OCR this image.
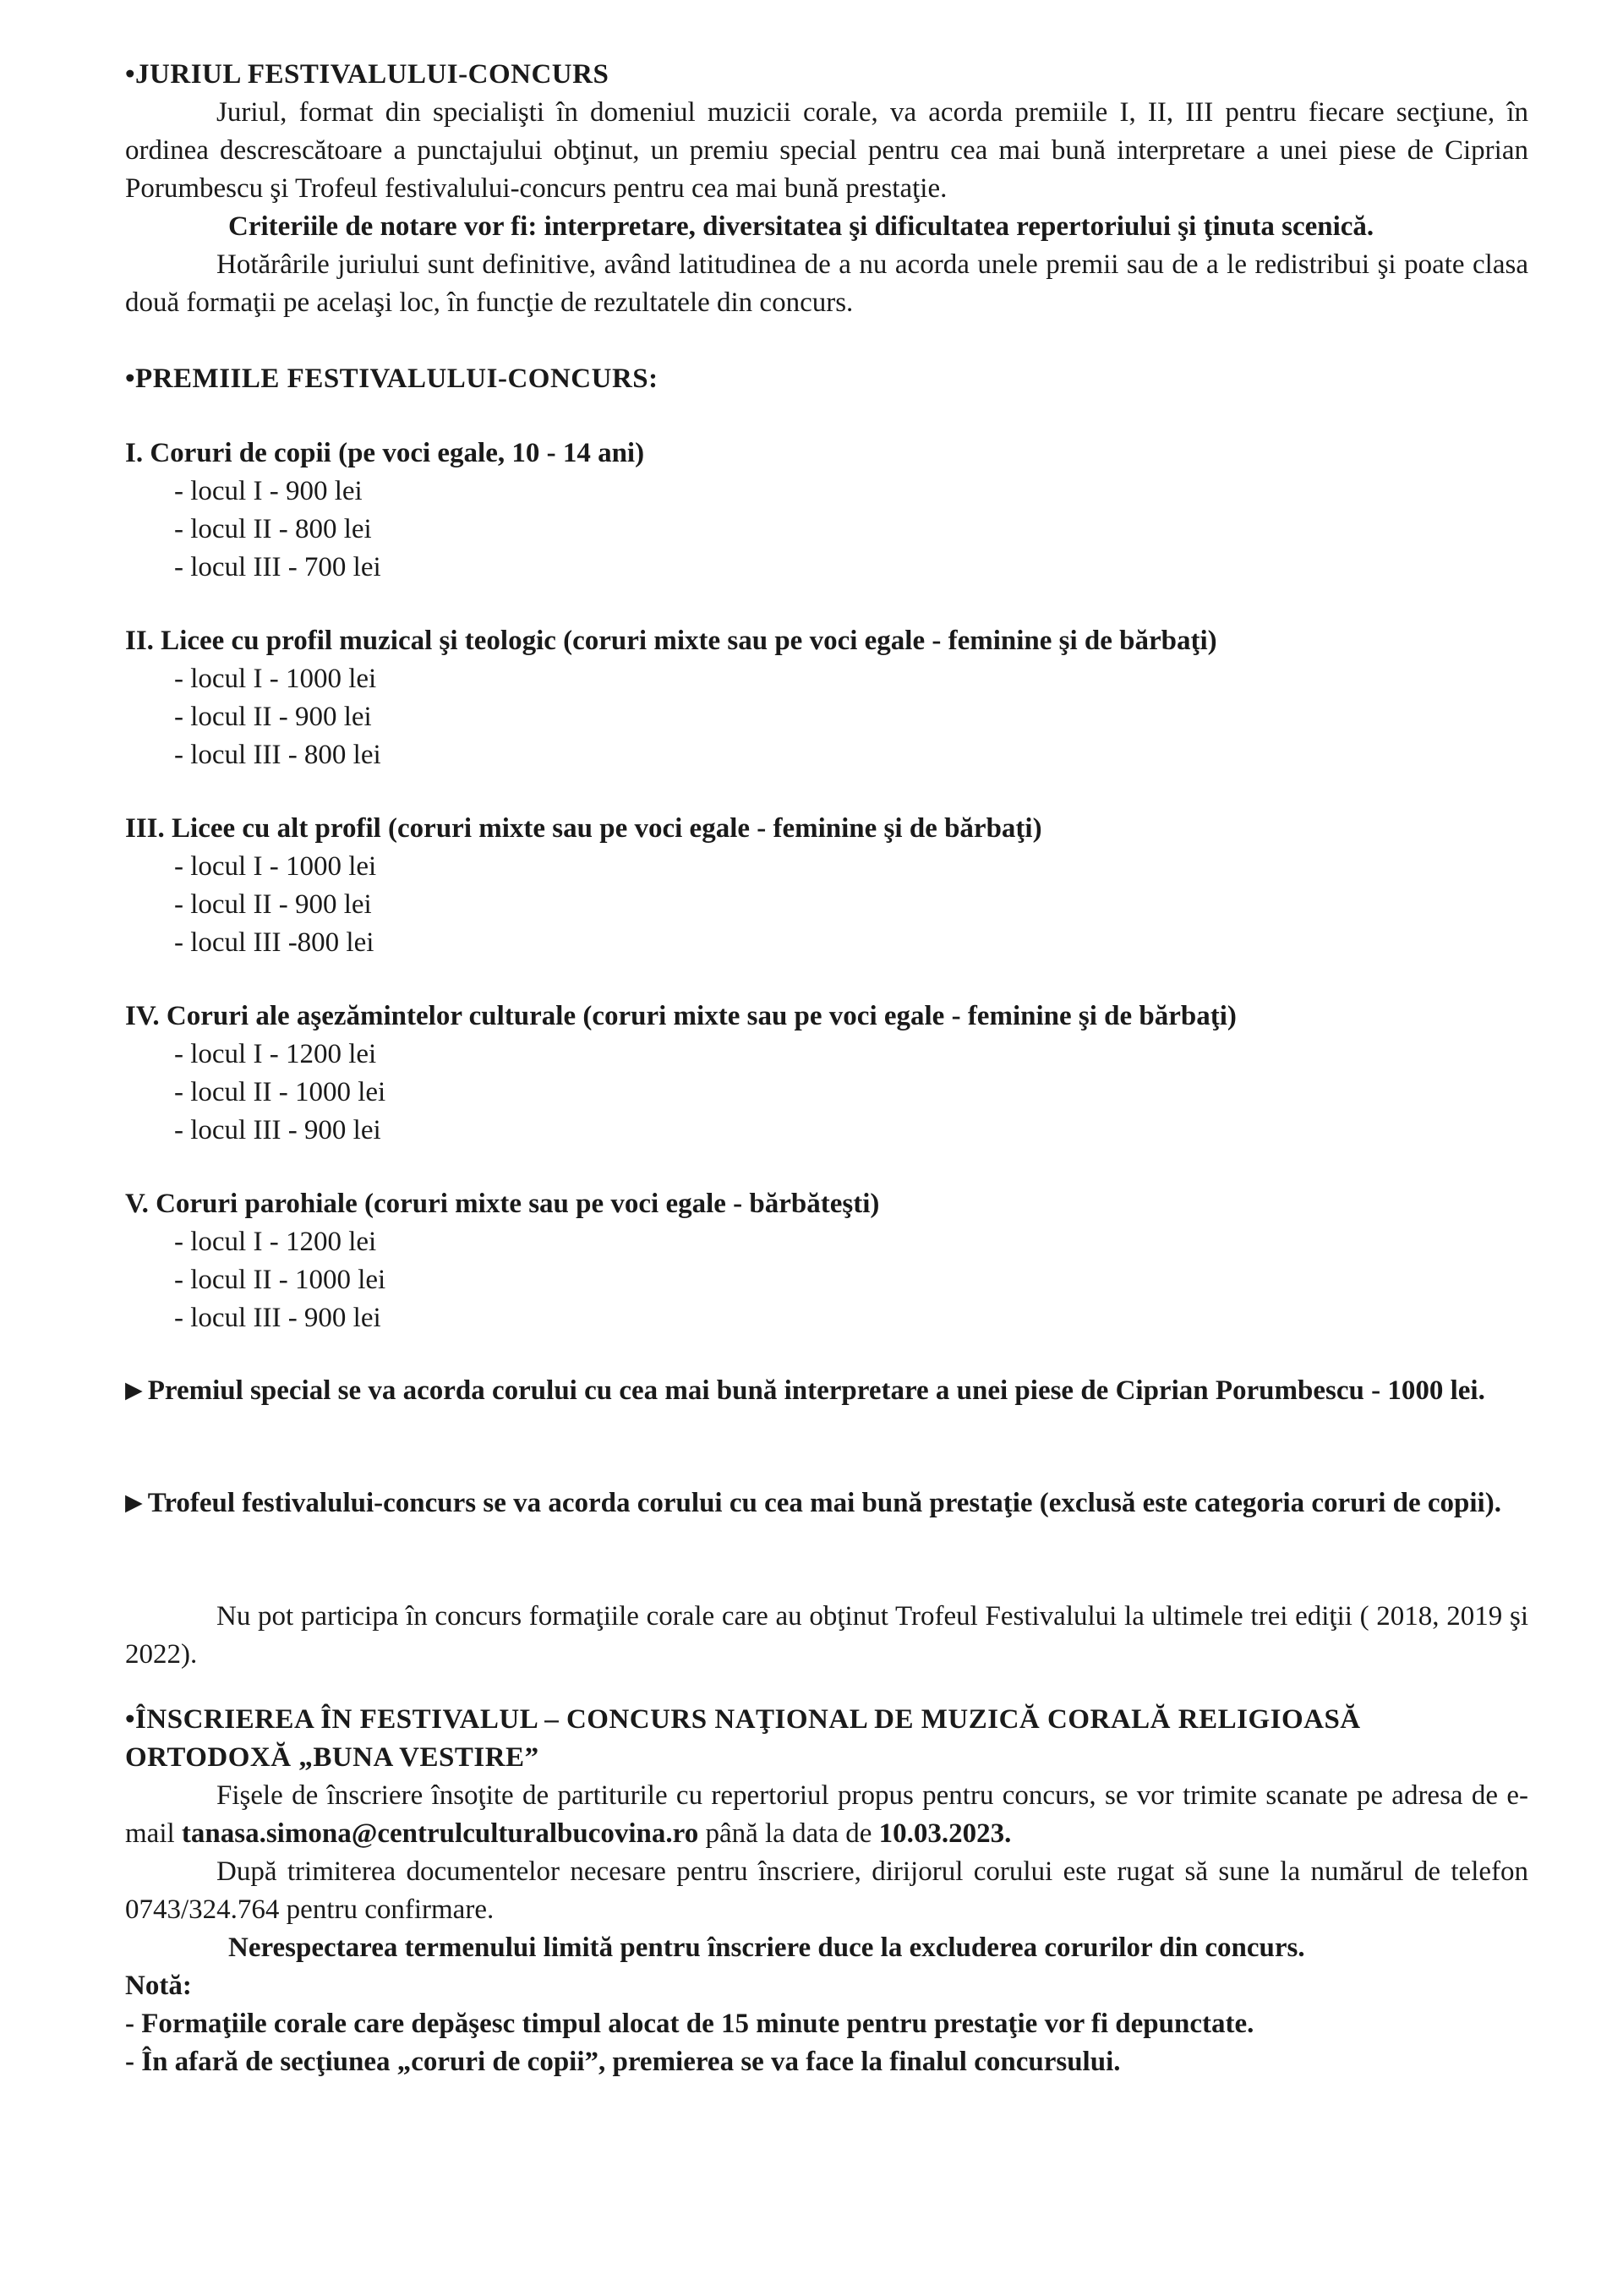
•JURIUL FESTIVALULUI-CONCURS

Juriul, format din specialişti în domeniul muzicii corale, va acorda premiile I, II, III pentru fiecare secţiune, în ordinea descrescătoare a punctajului obţinut, un premiu special pentru cea mai bună interpretare a unei piese de Ciprian Porumbescu şi Trofeul festivalului-concurs pentru cea mai bună prestaţie.

Criteriile de notare vor fi: interpretare, diversitatea şi dificultatea repertoriului şi ţinuta scenică.

Hotărârile juriului sunt definitive, având latitudinea de a nu acorda unele premii sau de a le redistribui şi poate clasa două formaţii pe acelaşi loc, în funcţie de rezultatele din concurs.

•PREMIILE FESTIVALULUI-CONCURS:
I. Coruri de copii (pe voci egale, 10 - 14 ani)
- locul I - 900 lei
- locul II - 800 lei
- locul III - 700 lei
II. Licee cu profil muzical şi teologic (coruri mixte sau pe voci egale - feminine şi de bărbaţi)
- locul I - 1000 lei
- locul II - 900 lei
- locul III - 800 lei
III. Licee cu alt profil (coruri mixte sau pe voci egale - feminine şi de bărbaţi)
- locul I - 1000 lei
- locul II - 900 lei
- locul III -800 lei
IV. Coruri ale aşezămintelor culturale (coruri mixte sau pe voci egale - feminine şi de bărbaţi)
- locul I - 1200 lei
- locul II - 1000 lei
- locul III - 900 lei
V. Coruri parohiale (coruri mixte sau pe voci egale - bărbăteşti)
- locul I - 1200 lei
- locul II - 1000 lei
- locul III - 900 lei

▶ Premiul special se va acorda corului cu cea mai bună interpretare a unei piese de Ciprian Porumbescu - 1000 lei.

▶ Trofeul festivalului-concurs se va acorda corului cu cea mai bună prestaţie (exclusă este categoria coruri de copii).

Nu pot participa în concurs formaţiile corale care au obţinut Trofeul Festivalului la ultimele trei ediţii ( 2018, 2019 şi 2022).

•ÎNSCRIEREA ÎN FESTIVALUL – CONCURS NAŢIONAL DE MUZICĂ CORALĂ RELIGIOASĂ ORTODOXĂ „BUNA VESTIRE”

Fişele de înscriere însoţite de partiturile cu repertoriul propus pentru concurs, se vor trimite scanate pe adresa de e-mail tanasa.simona@centrulculturalbucovina.ro până la data de 10.03.2023.

După trimiterea documentelor necesare pentru înscriere, dirijorul corului este rugat să sune la numărul de telefon 0743/324.764 pentru confirmare.

Nerespectarea termenului limită pentru înscriere duce la excluderea corurilor din concurs.

Notă:
- Formaţiile corale care depăşesc timpul alocat de 15 minute pentru prestaţie vor fi depunctate.
- În afară de secţiunea „coruri de copii”, premierea se va face la finalul concursului.
